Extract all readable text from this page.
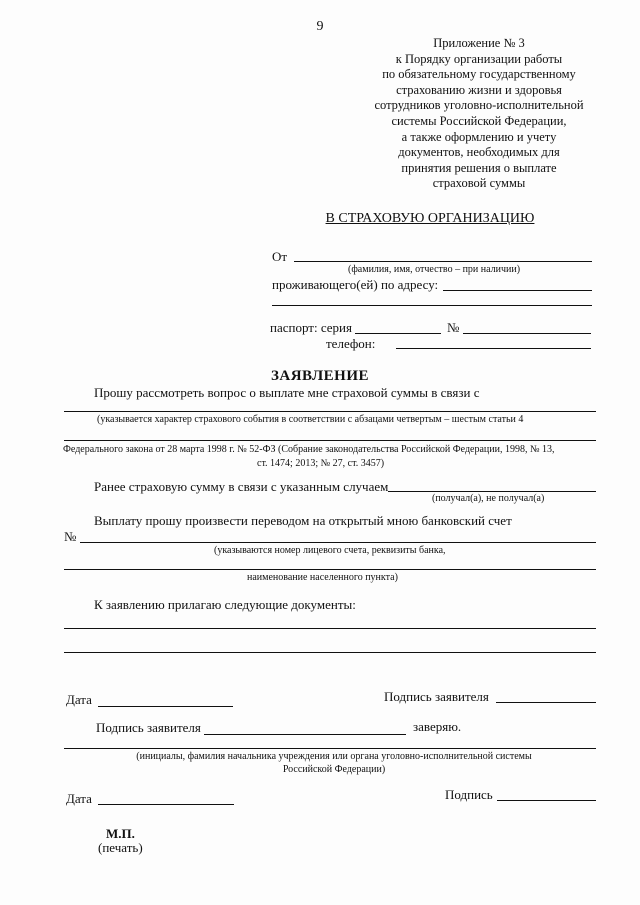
9
Приложение № 3
к Порядку организации работы
по обязательному государственному
страхованию жизни и здоровья
сотрудников уголовно-исполнительной
системы Российской Федерации,
а также оформлению и учету
документов, необходимых для
принятия решения о выплате
страховой суммы
В СТРАХОВУЮ ОРГАНИЗАЦИЮ
От
(фамилия, имя, отчество – при наличии)
проживающего(ей) по адресу:
паспорт: серия	№
телефон:
ЗАЯВЛЕНИЕ
Прошу рассмотреть вопрос о выплате мне страховой суммы в связи с
(указывается характер страхового события в соответствии с абзацами четвертым – шестым статьи 4
Федерального закона от 28 марта 1998 г. № 52-ФЗ (Собрание законодательства Российской Федерации, 1998, № 13,
ст. 1474; 2013; № 27, ст. 3457)
Ранее страховую сумму в связи с указанным случаем
(получал(а), не получал(а)
Выплату прошу произвести переводом на открытый мною банковский счет
№
(указываются номер лицевого счета, реквизиты банка,
наименование населенного пункта)
К заявлению прилагаю следующие документы:
Дата	Подпись заявителя
Подпись заявителя	заверяю.
(инициалы, фамилия начальника учреждения или органа уголовно-исполнительной системы
Российской Федерации)
Дата	Подпись
М.П.
(печать)
